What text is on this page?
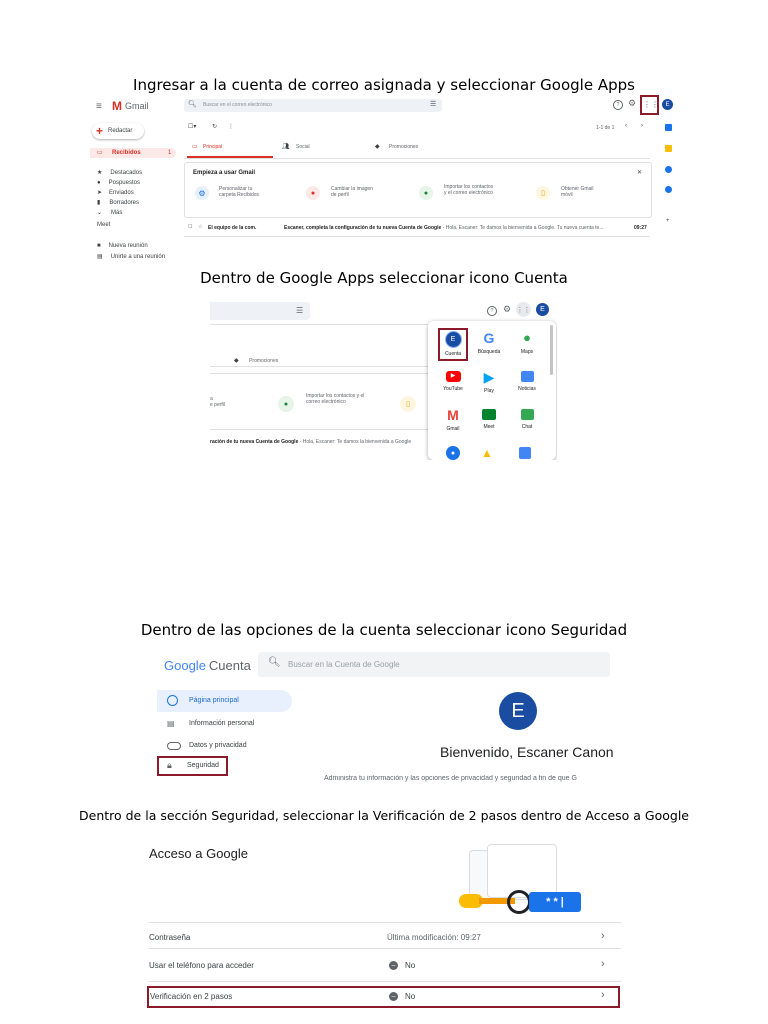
Ingresar a la cuenta de correo asignada y seleccionar Google Apps
≡ M Gmail	🔍︎ Buscar en el correo electrónico	☰	? ⚙ ⋮⋮	E
+ Redactar
▭ Recibidos	1
★ Destacados
● Pospuestos
➤ Enviados
▮ Borradores
⌄ Más
Meet
■ Nueva reunión
▤ Unirte a una reunión
☐▾	↻ ⋮	1-1 de 1 ‹ ›
▭ Principal	👥︎ Social	◆ Promociones
Empieza a usar Gmail	✕
⚙	Personalizar tu carpeta Recibidos	●
Cambiar la imagen de perfil	●
Importar los contactos y el correo electrónico	▯
Obtener Gmail móvil
☐ ☆ El equipo de la com.	Escaner, completa la configuración de tu nueva Cuenta de Google - Hola, Escaner: Te damos la bienvenida a Google. Tu nueva cuenta te...	09:27
+
Dentro de Google Apps seleccionar icono Cuenta
☰	?	⚙ ⋮⋮	E
◆ Promociones
a
e perfil	●
Importar los contactos y el correo electrónico	▯
ración de tu nueva Cuenta de Google - Hola, Escaner: Te damos la bienvenida a Google
E
Cuenta
G
Búsqueda
●
Maps
▶
YouTube
▶
Play	Noticias
M
Gmail	Meet	Chat
●	▲
Dentro de las opciones de la cuenta seleccionar icono Seguridad
Google Cuenta 🔍︎ Buscar en la Cuenta de Google
Página principal
▤ Información personal
Datos y privacidad
🔒︎ Seguridad
E
Bienvenido, Escaner Canon
Administra tu información y las opciones de privacidad y seguridad a fin de que G
Dentro de la sección Seguridad, seleccionar la Verificación de 2 pasos dentro de Acceso a Google
Acceso a Google
* * |
Contraseña	Última modificación: 09:27	›
Usar el teléfono para acceder	–	No	›
Verificación en 2 pasos	–	No	›
